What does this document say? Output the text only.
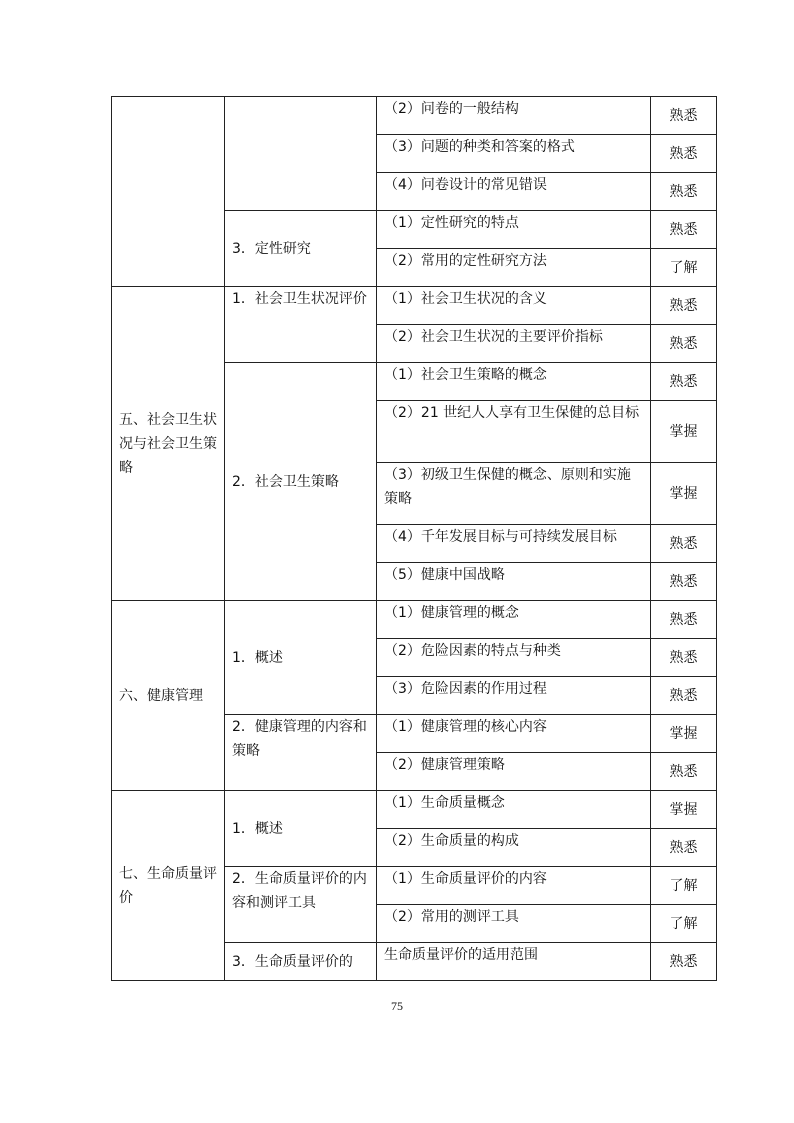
		（2）问卷的一般结构	熟悉
		（3）问题的种类和答案的格式	熟悉
		（4）问卷设计的常见错误	熟悉
	3．定性研究	（1）定性研究的特点	熟悉
		（2）常用的定性研究方法	了解
五、社会卫生状况与社会卫生策略	1．社会卫生状况评价	（1）社会卫生状况的含义	熟悉
		（2）社会卫生状况的主要评价指标	熟悉
	2．社会卫生策略	（1）社会卫生策略的概念	熟悉
		（2）21 世纪人人享有卫生保健的总目标	掌握
		（3）初级卫生保健的概念、原则和实施策略	掌握
		（4）千年发展目标与可持续发展目标	熟悉
		（5）健康中国战略	熟悉
六、健康管理	1．概述	（1）健康管理的概念	熟悉
		（2）危险因素的特点与种类	熟悉
		（3）危险因素的作用过程	熟悉
	2．健康管理的内容和策略	（1）健康管理的核心内容	掌握
		（2）健康管理策略	熟悉
七、生命质量评价	1．概述	（1）生命质量概念	掌握
		（2）生命质量的构成	熟悉
	2．生命质量评价的内容和测评工具	（1）生命质量评价的内容	了解
		（2）常用的测评工具	了解
	3．生命质量评价的	生命质量评价的适用范围	熟悉
75
